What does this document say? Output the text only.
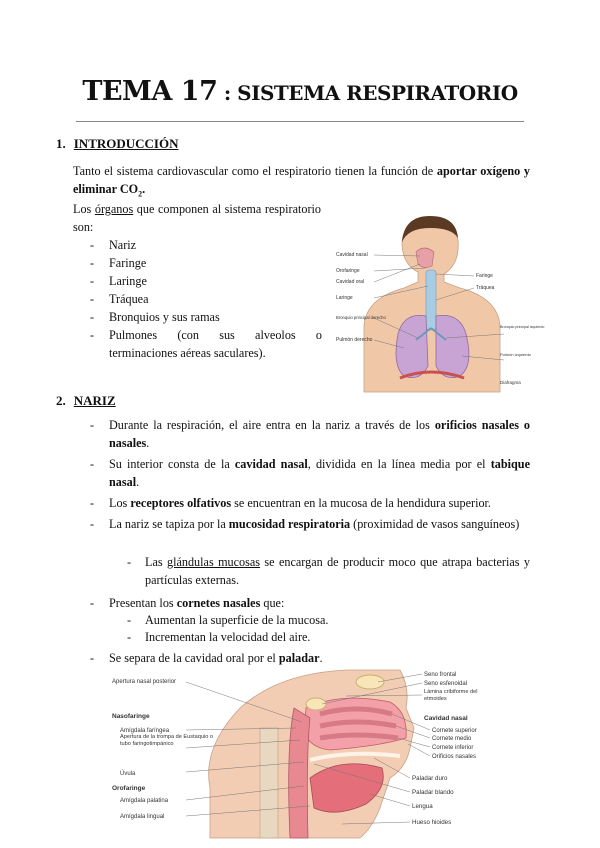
TEMA 17 : SISTEMA RESPIRATORIO
1. INTRODUCCIÓN
Tanto el sistema cardiovascular como el respiratorio tienen la función de aportar oxígeno y eliminar $CO_2$.
Los órganos que componen al sistema respiratorio son:
- Nariz
- Faringe
- Laringe
- Tráquea
- Bronquios y sus ramas
- Pulmones (con sus alveolos o terminaciones aéreas saculares).
Cavidad nasal
Orofaringe
Cavidad oral
Laringe
Bronquio principal derecho
Pulmón derecho
Faringe
Tráquea
Bronquio principal izquierdo
Pulmón izquierdo
Diafragma
2. NARIZ
- Durante la respiración, el aire entra en la nariz a través de los orificios nasales o nasales.
- Su interior consta de la cavidad nasal, dividida en la línea media por el tabique nasal.
- Los receptores olfativos se encuentran en la mucosa de la hendidura superior.
- La nariz se tapiza por la mucosidad respiratoria (proximidad de vasos sanguíneos)
- Las glándulas mucosas se encargan de producir moco que atrapa bacterias y partículas externas.
- Presentan los cornetes nasales que:
- Aumentan la superficie de la mucosa.
- Incrementan la velocidad del aire.
- Se separa de la cavidad oral por el paladar.
Apertura nasal posterior
Nasofaringe
Amígdala faríngea
Apertura de la trompa de Eustaquio o tubo faringotimpánico
Úvula
Orofaringe
Amígdala palatina
Amígdala lingual
Seno frontal
Seno esfenoidal
Lámina cribiforme del etmoides
Cavidad nasal
Cornete superior
Cornete medio
Cornete inferior
Orificios nasales
Paladar duro
Paladar blando
Lengua
Hueso hioides
